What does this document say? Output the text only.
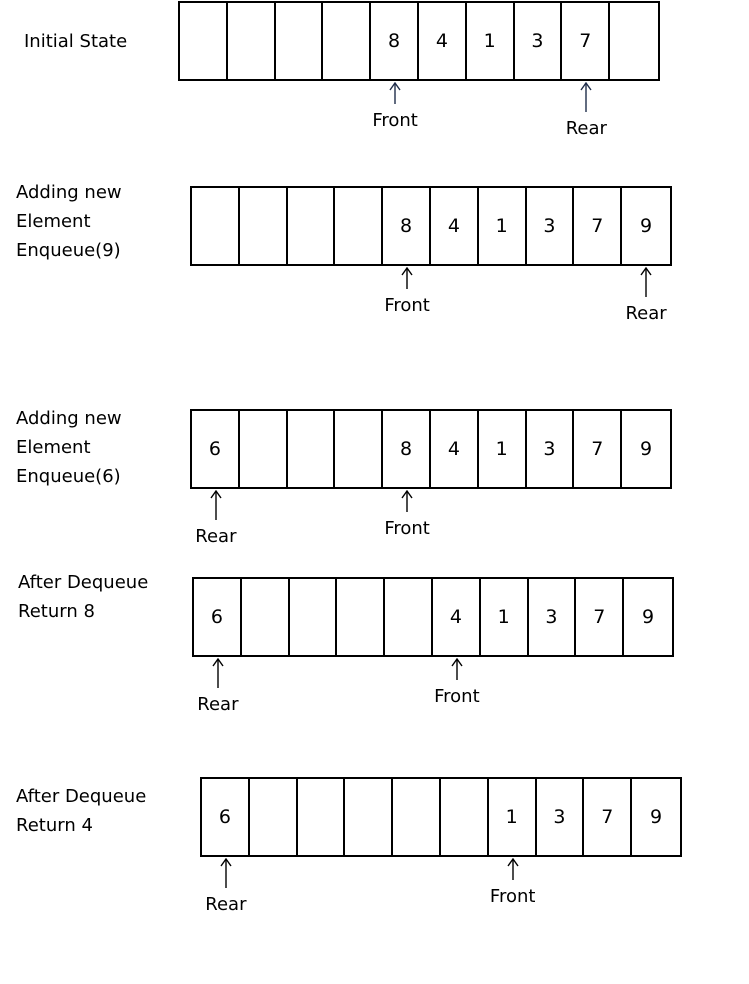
Initial State	8	4	1	3	7
Front	Rear
Adding new
Element
Enqueue(9)
8	4	1	3	7	9
Front	Rear
Adding new
Element
Enqueue(6)
6	8	4	1	3	7	9
Front
Rear
After Dequeue
Return 8	6	4	1	3	7	9
Front
Rear
After Dequeue
Return 4	6	1	3	7	9
Front
Rear
